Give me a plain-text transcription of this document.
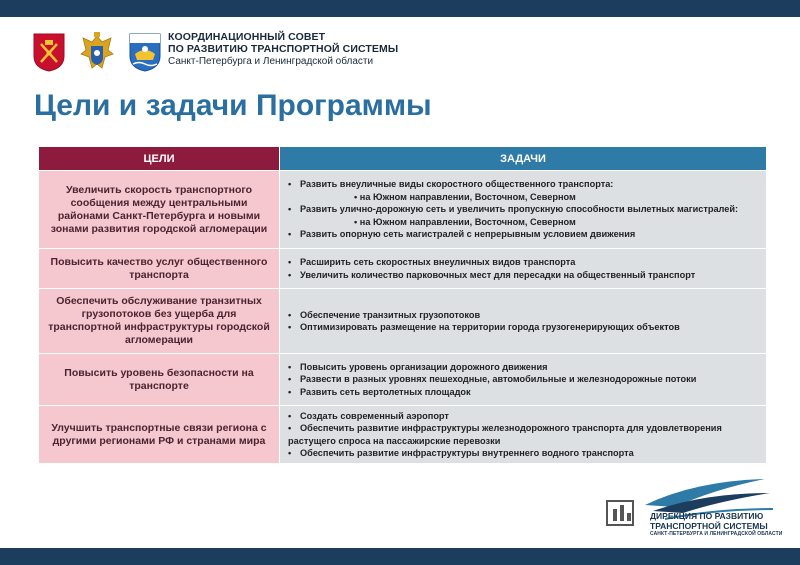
КООРДИНАЦИОННЫЙ СОВЕТ
ПО РАЗВИТИЮ ТРАНСПОРТНОЙ СИСТЕМЫ
Санкт-Петербурга и Ленинградской области
Цели и задачи Программы
ЦЕЛИ	ЗАДАЧИ
Увеличить скорость транспортного сообщения между центральными районами Санкт-Петербурга и новыми зонами развития городской агломерации	• Развить внеуличные виды скоростного общественного транспорта:
• на Южном направлении, Восточном, Северном
• Развить улично-дорожную сеть и увеличить пропускную способности вылетных магистралей:
• на Южном направлении, Восточном, Северном
• Развить опорную сеть магистралей с непрерывным условием движения

Повысить качество услуг общественного транспорта	• Расширить сеть скоростных внеуличных видов транспорта
• Увеличить количество парковочных мест для пересадки на общественный транспорт

Обеспечить обслуживание транзитных грузопотоков без ущерба для транспортной инфраструктуры городской агломерации	• Обеспечение транзитных грузопотоков
• Оптимизировать размещение на территории города грузогенерирующих объектов

Повысить уровень безопасности на транспорте	• Повысить уровень организации дорожного движения
• Развести в разных уровнях пешеходные, автомобильные и железнодорожные потоки
• Развить сеть вертолетных площадок

Улучшить транспортные связи региона с другими регионами РФ и странами мира	• Создать современный аэропорт
• Обеспечить развитие инфраструктуры железнодорожного транспорта для удовлетворения растущего спроса на пассажирские перевозки
• Обеспечить развитие инфраструктуры внутреннего водного транспорта
ДИРЕКЦИЯ ПО РАЗВИТИЮ
ТРАНСПОРТНОЙ СИСТЕМЫ
САНКТ-ПЕТЕРБУРГА И ЛЕНИНГРАДСКОЙ ОБЛАСТИ
